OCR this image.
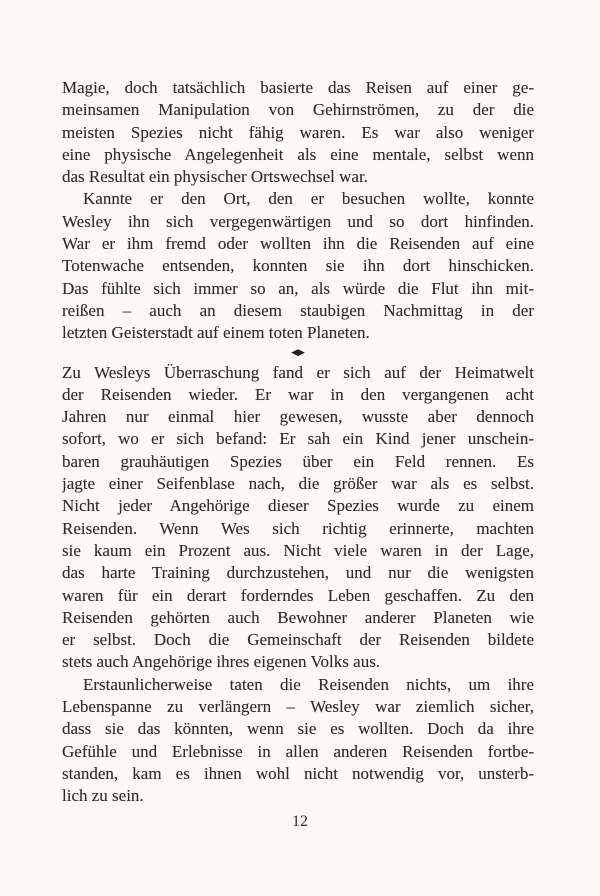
Magie, doch tatsächlich basierte das Reisen auf einer ge-
meinsamen Manipulation von Gehirnströmen, zu der die
meisten Spezies nicht fähig waren. Es war also weniger
eine physische Angelegenheit als eine mentale, selbst wenn
das Resultat ein physischer Ortswechsel war.
Kannte er den Ort, den er besuchen wollte, konnte
Wesley ihn sich vergegenwärtigen und so dort hinfinden.
War er ihm fremd oder wollten ihn die Reisenden auf eine
Totenwache entsenden, konnten sie ihn dort hinschicken.
Das fühlte sich immer so an, als würde die Flut ihn mit-
reißen – auch an diesem staubigen Nachmittag in der
letzten Geisterstadt auf einem toten Planeten.
◀▶
Zu Wesleys Überraschung fand er sich auf der Heimatwelt
der Reisenden wieder. Er war in den vergangenen acht
Jahren nur einmal hier gewesen, wusste aber dennoch
sofort, wo er sich befand: Er sah ein Kind jener unschein-
baren grauhäutigen Spezies über ein Feld rennen. Es
jagte einer Seifenblase nach, die größer war als es selbst.
Nicht jeder Angehörige dieser Spezies wurde zu einem
Reisenden. Wenn Wes sich richtig erinnerte, machten
sie kaum ein Prozent aus. Nicht viele waren in der Lage,
das harte Training durchzustehen, und nur die wenigsten
waren für ein derart forderndes Leben geschaffen. Zu den
Reisenden gehörten auch Bewohner anderer Planeten wie
er selbst. Doch die Gemeinschaft der Reisenden bildete
stets auch Angehörige ihres eigenen Volks aus.
Erstaunlicherweise taten die Reisenden nichts, um ihre
Lebenspanne zu verlängern – Wesley war ziemlich sicher,
dass sie das könnten, wenn sie es wollten. Doch da ihre
Gefühle und Erlebnisse in allen anderen Reisenden fortbe-
standen, kam es ihnen wohl nicht notwendig vor, unsterb-
lich zu sein.
12
